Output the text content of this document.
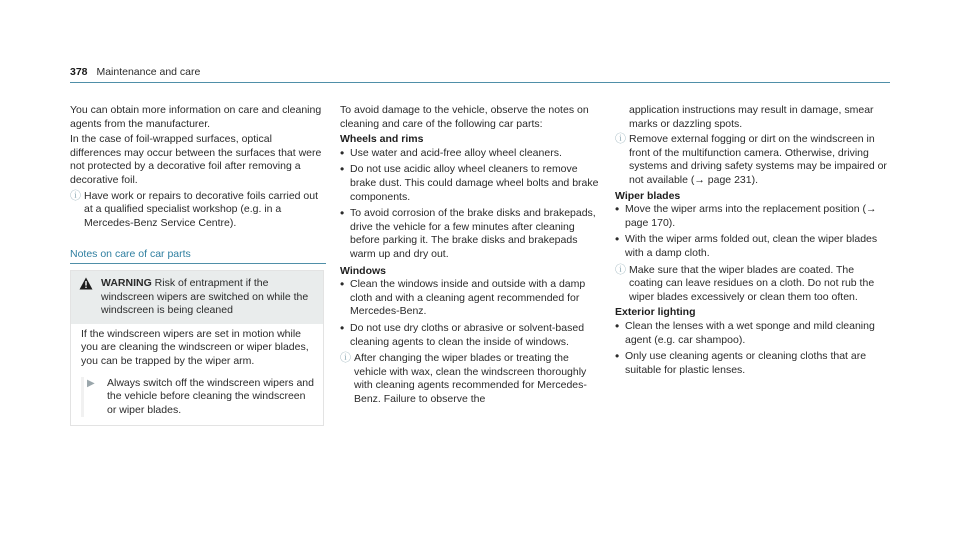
378 Maintenance and care

You can obtain more information on care and cleaning agents from the manufacturer.

In the case of foil-wrapped surfaces, optical differences may occur between the surfaces that were not protected by a decorative foil after removing a decorative foil.

ⓘ Have work or repairs to decorative foils carried out at a qualified specialist workshop (e.g. in a Mercedes-Benz Service Centre).
Notes on care of car parts
WARNING Risk of entrapment if the windscreen wipers are switched on while the windscreen is being cleaned

If the windscreen wipers are set in motion while you are cleaning the windscreen or wiper blades, you can be trapped by the wiper arm.

▶ Always switch off the windscreen wipers and the vehicle before cleaning the windscreen or wiper blades.

To avoid damage to the vehicle, observe the notes on cleaning and care of the following car parts:

Wheels and rims
• Use water and acid-free alloy wheel cleaners.
• Do not use acidic alloy wheel cleaners to remove brake dust. This could damage wheel bolts and brake components.
• To avoid corrosion of the brake disks and brakepads, drive the vehicle for a few minutes after cleaning before parking it. The brake disks and brakepads warm up and dry out.
Windows
• Clean the windows inside and outside with a damp cloth and with a cleaning agent recommended for Mercedes-Benz.
• Do not use dry cloths or abrasive or solvent-based cleaning agents to clean the inside of windows.
ⓘ After changing the wiper blades or treating the vehicle with wax, clean the windscreen thoroughly with cleaning agents recommended for Mercedes-Benz. Failure to observe the

application instructions may result in damage, smear marks or dazzling spots.

ⓘ Remove external fogging or dirt on the windscreen in front of the multifunction camera. Otherwise, driving systems and driving safety systems may be impaired or not available (→ page 231).
Wiper blades
• Move the wiper arms into the replacement position (→ page 170).
• With the wiper arms folded out, clean the wiper blades with a damp cloth.
ⓘ Make sure that the wiper blades are coated. The coating can leave residues on a cloth. Do not rub the wiper blades excessively or clean them too often.
Exterior lighting
• Clean the lenses with a wet sponge and mild cleaning agent (e.g. car shampoo).
• Only use cleaning agents or cleaning cloths that are suitable for plastic lenses.
